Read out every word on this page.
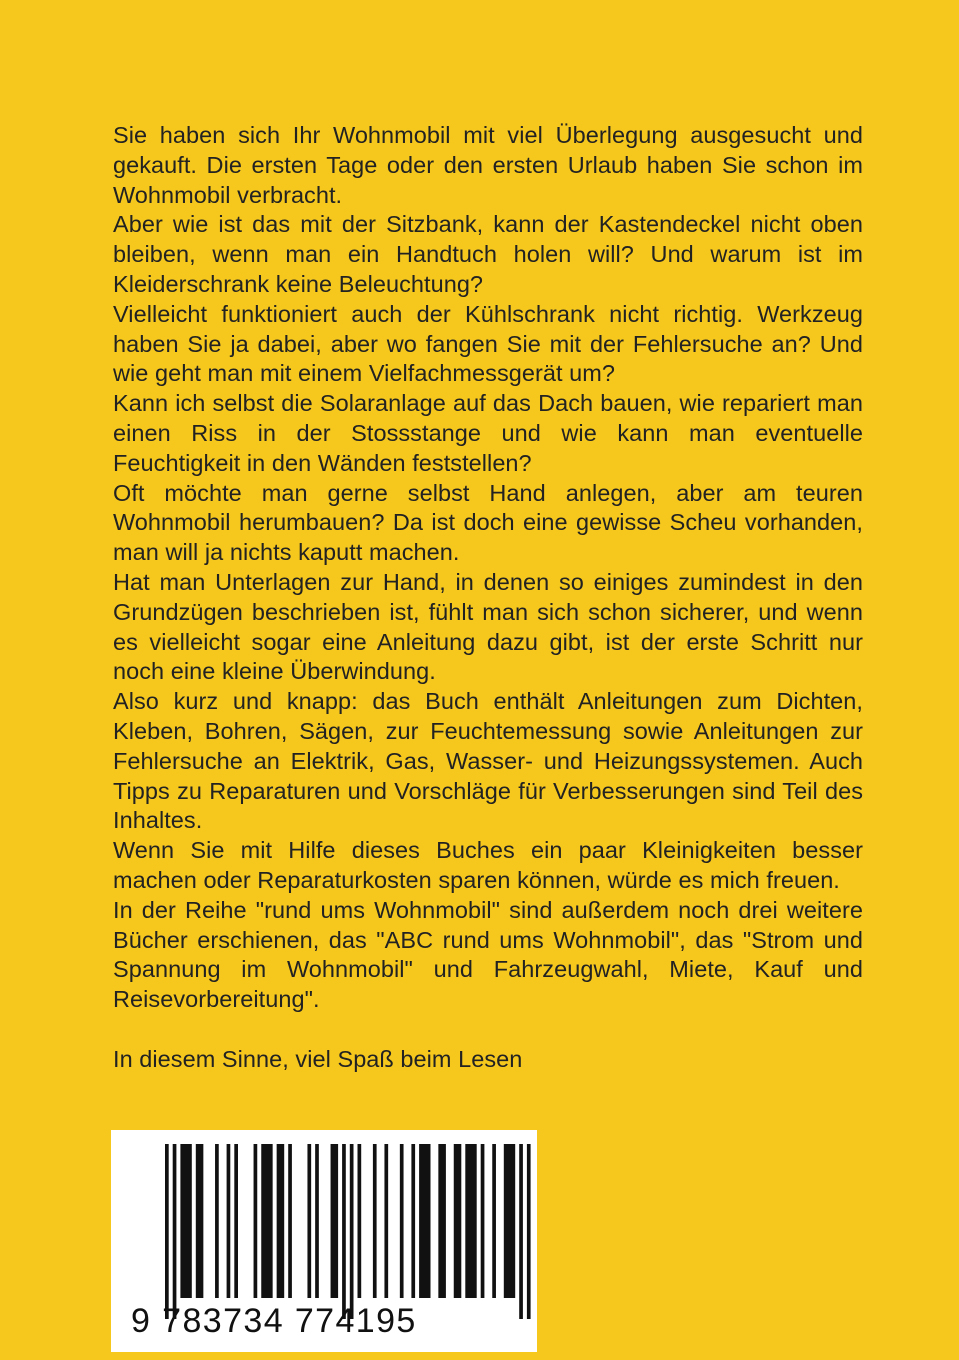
Sie haben sich Ihr Wohnmobil mit viel Überlegung ausgesucht und gekauft. Die ersten Tage oder den ersten Urlaub haben Sie schon im Wohnmobil verbracht.

Aber wie ist das mit der Sitzbank, kann der Kastendeckel nicht oben bleiben, wenn man ein Handtuch holen will? Und warum ist im Kleiderschrank keine Beleuchtung?

Vielleicht funktioniert auch der Kühlschrank nicht richtig. Werkzeug haben Sie ja dabei, aber wo fangen Sie mit der Fehlersuche an? Und wie geht man mit einem Vielfachmessgerät um?

Kann ich selbst die Solaranlage auf das Dach bauen, wie repariert man einen Riss in der Stossstange und wie kann man eventuelle Feuchtigkeit in den Wänden feststellen?

Oft möchte man gerne selbst Hand anlegen, aber am teuren Wohnmobil herumbauen? Da ist doch eine gewisse Scheu vorhanden, man will ja nichts kaputt machen.

Hat man Unterlagen zur Hand, in denen so einiges zumindest in den Grundzügen beschrieben ist, fühlt man sich schon sicherer, und wenn es vielleicht sogar eine Anleitung dazu gibt, ist der erste Schritt nur noch eine kleine Überwindung.

Also kurz und knapp: das Buch enthält Anleitungen zum Dichten, Kleben, Bohren, Sägen, zur Feuchtemessung sowie Anleitungen zur Fehlersuche an Elektrik, Gas, Wasser- und Heizungssystemen. Auch Tipps zu Reparaturen und Vorschläge für Verbesserungen sind Teil des Inhaltes.

Wenn Sie mit Hilfe dieses Buches ein paar Kleinigkeiten besser machen oder Reparaturkosten sparen können, würde es mich freuen.

In der Reihe "rund ums Wohnmobil" sind außerdem noch drei weitere Bücher erschienen, das "ABC rund ums Wohnmobil", das "Strom und Spannung im Wohnmobil" und Fahrzeugwahl, Miete, Kauf und Reisevorbereitung".

In diesem Sinne, viel Spaß beim Lesen

9 783734 774195
